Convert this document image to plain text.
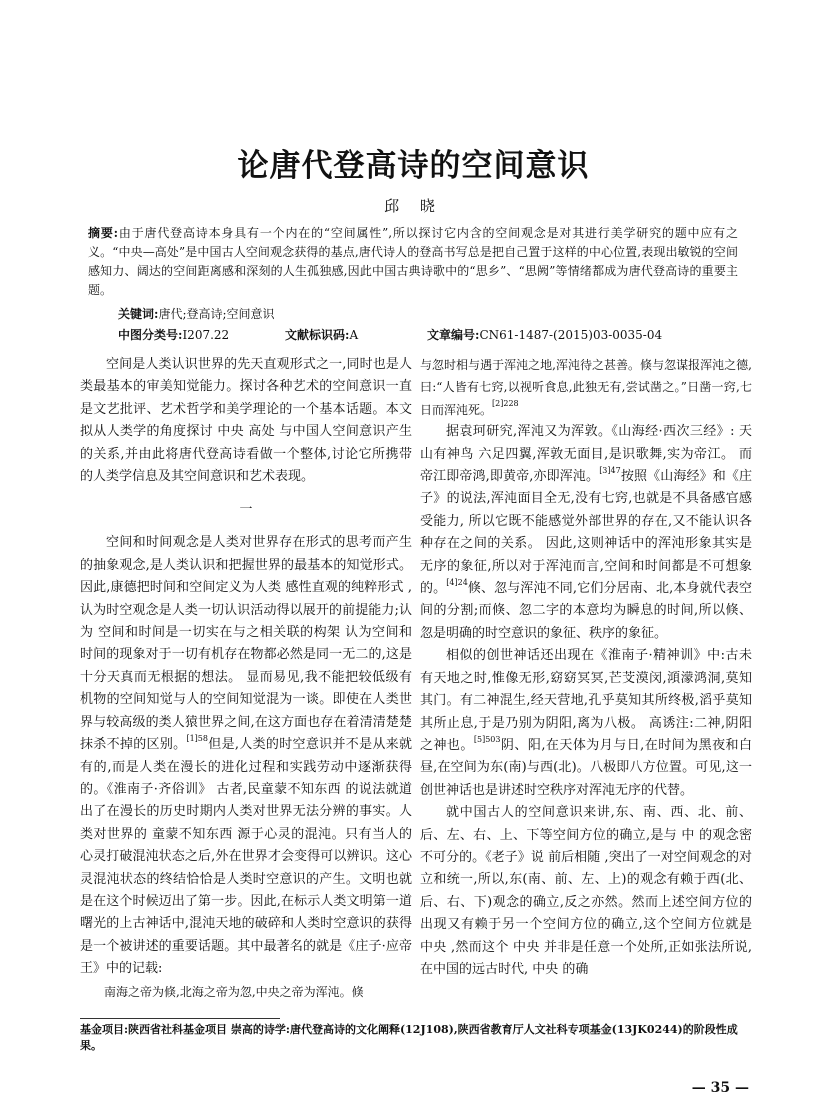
论唐代登高诗的空间意识
邱 晓
摘要:由于唐代登高诗本身具有一个内在的“空间属性”,所以探讨它内含的空间观念是对其进行美学研究的题中应有之义。“中央—高处”是中国古人空间观念获得的基点,唐代诗人的登高书写总是把自己置于这样的中心位置,表现出敏锐的空间感知力、阔达的空间距离感和深刻的人生孤独感,因此中国古典诗歌中的“思乡”、“思阙”等情绪都成为唐代登高诗的重要主题。
关键词:唐代;登高诗;空间意识
中图分类号:I207.22	文献标识码:A	文章编号:CN61-1487-(2015)03-0035-04

空间是人类认识世界的先天直观形式之一,同时也是人类最基本的审美知觉能力。探讨各种艺术的空间意识一直是文艺批评、艺术哲学和美学理论的一个基本话题。本文拟从人类学的角度探讨 中央 高处 与中国人空间意识产生的关系,并由此将唐代登高诗看做一个整体,讨论它所携带的人类学信息及其空间意识和艺术表现。

一

空间和时间观念是人类对世界存在形式的思考而产生的抽象观念,是人类认识和把握世界的最基本的知觉形式。因此,康德把时间和空间定义为人类 感性直观的纯粹形式 ,认为时空观念是人类一切认识活动得以展开的前提能力;认为 空间和时间是一切实在与之相关联的构架 认为空间和时间的现象对于一切有机存在物都必然是同一无二的,这是十分天真而无根据的想法。 显而易见,我不能把较低级有机物的空间知觉与人的空间知觉混为一谈。即使在人类世界与较高级的类人猿世界之间,在这方面也存在着清清楚楚抹杀不掉的区别。$^{[1]58}$但是,人类的时空意识并不是从来就有的,而是人类在漫长的进化过程和实践劳动中逐渐获得的。《淮南子·齐俗训》 古者,民童蒙不知东西 的说法就道出了在漫长的历史时期内人类对世界无法分辨的事实。人类对世界的 童蒙不知东西 源于心灵的混沌。只有当人的心灵打破混沌状态之后,外在世界才会变得可以辨识。这心灵混沌状态的终结恰恰是人类时空意识的产生。文明也就是在这个时候迈出了第一步。因此,在标示人类文明第一道曙光的上古神话中,混沌天地的破碎和人类时空意识的获得是一个被讲述的重要话题。其中最著名的就是《庄子·应帝王》中的记载:

南海之帝为倏,北海之帝为忽,中央之帝为浑沌。倏

与忽时相与遇于浑沌之地,浑沌待之甚善。倏与忽谋报浑沌之德,曰:“人皆有七窍,以视听食息,此独无有,尝试凿之。”日凿一窍,七日而浑沌死。$^{[2]228}$

据袁珂研究,浑沌又为浑敦。《山海经·西次三经》: 天山有神鸟 六足四翼,浑敦无面目,是识歌舞,实为帝江。 而帝江即帝鸿,即黄帝,亦即浑沌。$^{[3]47}$按照《山海经》和《庄子》的说法,浑沌面目全无,没有七窍,也就是不具备感官感受能力, 所以它既不能感觉外部世界的存在,又不能认识各种存在之间的关系。 因此,这则神话中的浑沌形象其实是无序的象征,所以对于浑沌而言,空间和时间都是不可想象的。$^{[4]24}$倏、忽与浑沌不同,它们分居南、北,本身就代表空间的分割;而倏、忽二字的本意均为瞬息的时间,所以倏、忽是明确的时空意识的象征、秩序的象征。

相似的创世神话还出现在《淮南子·精神训》中:古未有天地之时,惟像无形,窈窈冥冥,芒芠漠闵,澒濛鸿洞,莫知其门。有二神混生,经天营地,孔乎莫知其所终极,滔乎莫知其所止息,于是乃别为阴阳,离为八极。 高诱注:二神,阴阳之神也。$^{[5]503}$阴、阳,在天体为月与日,在时间为黑夜和白昼,在空间为东(南)与西(北)。八极即八方位置。可见,这一创世神话也是讲述时空秩序对浑沌无序的代替。

就中国古人的空间意识来讲,东、南、西、北、前、后、左、右、上、下等空间方位的确立,是与 中 的观念密不可分的。《老子》说 前后相随 ,突出了一对空间观念的对立和统一,所以,东(南、前、左、上)的观念有赖于西(北、后、右、下)观念的确立,反之亦然。然而上述空间方位的出现又有赖于另一个空间方位的确立,这个空间方位就是 中央 ,然而这个 中央 并非是任意一个处所,正如张法所说,在中国的远古时代, 中央 的确

基金项目:陕西省社科基金项目 崇高的诗学:唐代登高诗的文化阐释(12J108),陕西省教育厅人文社科专项基金(13JK0244)的阶段性成果。
— 35 —
